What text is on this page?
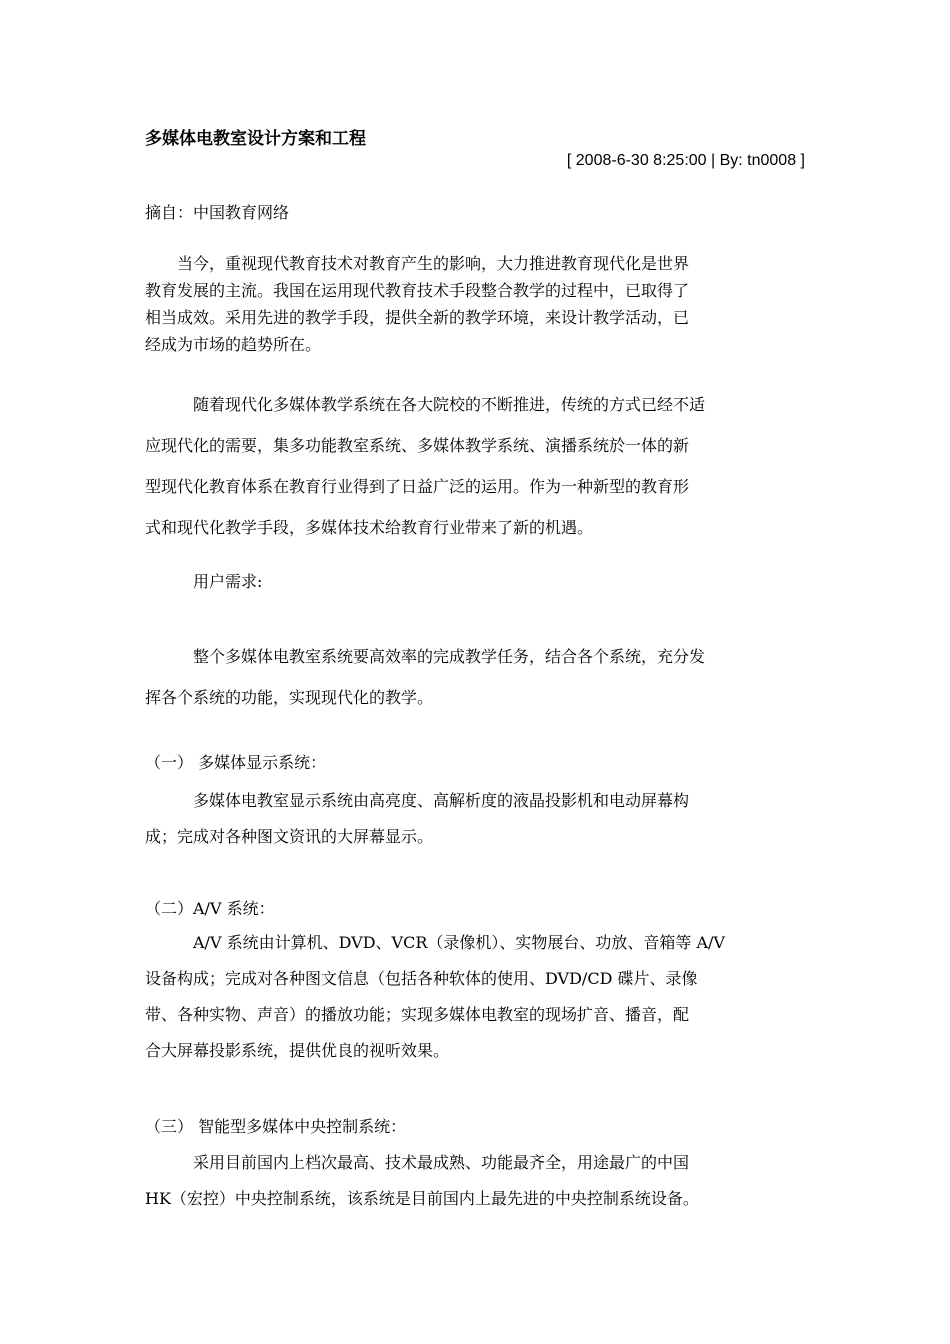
多媒体电教室设计方案和工程
[ 2008-6-30 8:25:00 | By: tn0008 ]
摘自：中国教育网络

当今，重视现代教育技术对教育产生的影响，大力推进教育现代化是世界
教育发展的主流。我国在运用现代教育技术手段整合教学的过程中，已取得了
相当成效。采用先进的教学手段，提供全新的教学环境，来设计教学活动，已
经成为市场的趋势所在。

随着现代化多媒体教学系统在各大院校的不断推进，传统的方式已经不适
应现代化的需要，集多功能教室系统、多媒体教学系统、演播系统於一体的新
型现代化教育体系在教育行业得到了日益广泛的运用。作为一种新型的教育形
式和现代化教学手段，多媒体技术给教育行业带来了新的机遇。

用户需求:

整个多媒体电教室系统要高效率的完成教学任务，结合各个系统，充分发
挥各个系统的功能，实现现代化的教学。

（一） 多媒体显示系统：

多媒体电教室显示系统由高亮度、高解析度的液晶投影机和电动屏幕构
成；完成对各种图文资讯的大屏幕显示。

（二）A/V 系统：

A/V 系统由计算机、DVD、VCR（录像机）、实物展台、功放、音箱等 A/V
设备构成；完成对各种图文信息（包括各种软体的使用、DVD/CD 碟片、录像
带、各种实物、声音）的播放功能；实现多媒体电教室的现场扩音、播音，配
合大屏幕投影系统，提供优良的视听效果。

（三） 智能型多媒体中央控制系统：

采用目前国内上档次最高、技术最成熟、功能最齐全，用途最广的中国
HK（宏控）中央控制系统，该系统是目前国内上最先进的中央控制系统设备。
